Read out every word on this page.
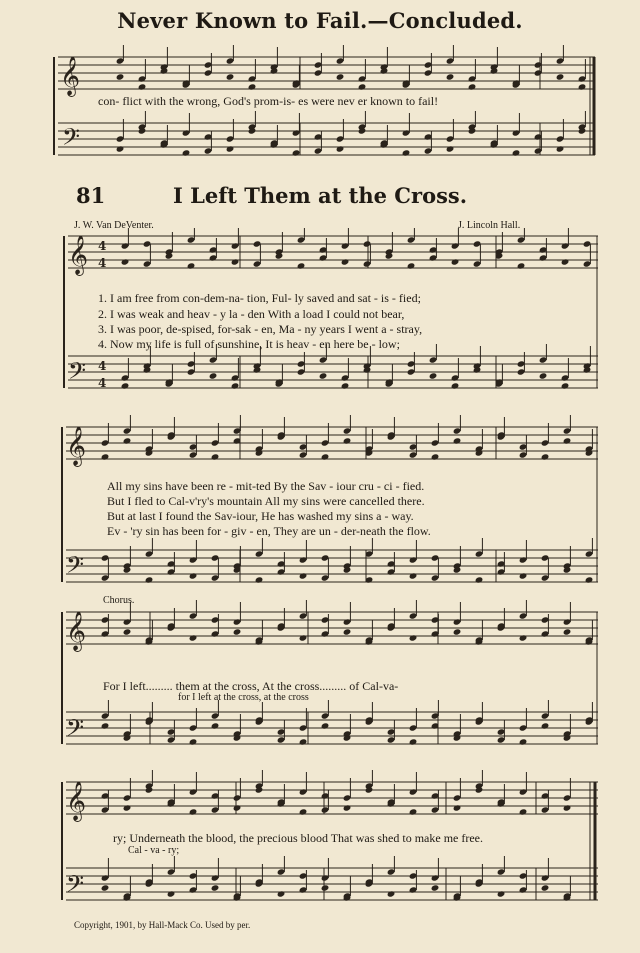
Never Known to Fail.—Concluded.
𝄞
𝄢
con- flict with the wrong, God's prom-is- es were nev er known to fail!
81	I Left Them at the Cross.
J. W. Van DeVenter.	J. Lincoln Hall.
𝄞 4
4
𝄢 4
4
1. I am free from con-dem-na- tion, Ful- ly saved and sat - is - fied;
2. I was weak and heav - y la - den With a load I could not bear,
3. I was poor, de-spised, for-sak - en, Ma - ny years I went a - stray,
4. Now my life is full of sunshine, It is heav - en here be - low;
𝄞
𝄢
All my sins have been re - mit-ted By the Sav - iour cru - ci - fied.
But I fled to Cal-v'ry's mountain All my sins were cancelled there.
But at last I found the Sav-iour, He has washed my sins a - way.
Ev - 'ry sin has been for - giv - en, They are un - der-neath the flow.
Chorus.
𝄞
𝄢
For I left......... them at the cross, At the cross......... of Cal-va-
for I left at the cross, at the cross
𝄞
𝄢
ry; Underneath the blood, the precious blood That was shed to make me free.
Cal - va - ry;
Copyright, 1901, by Hall-Mack Co. Used by per.
